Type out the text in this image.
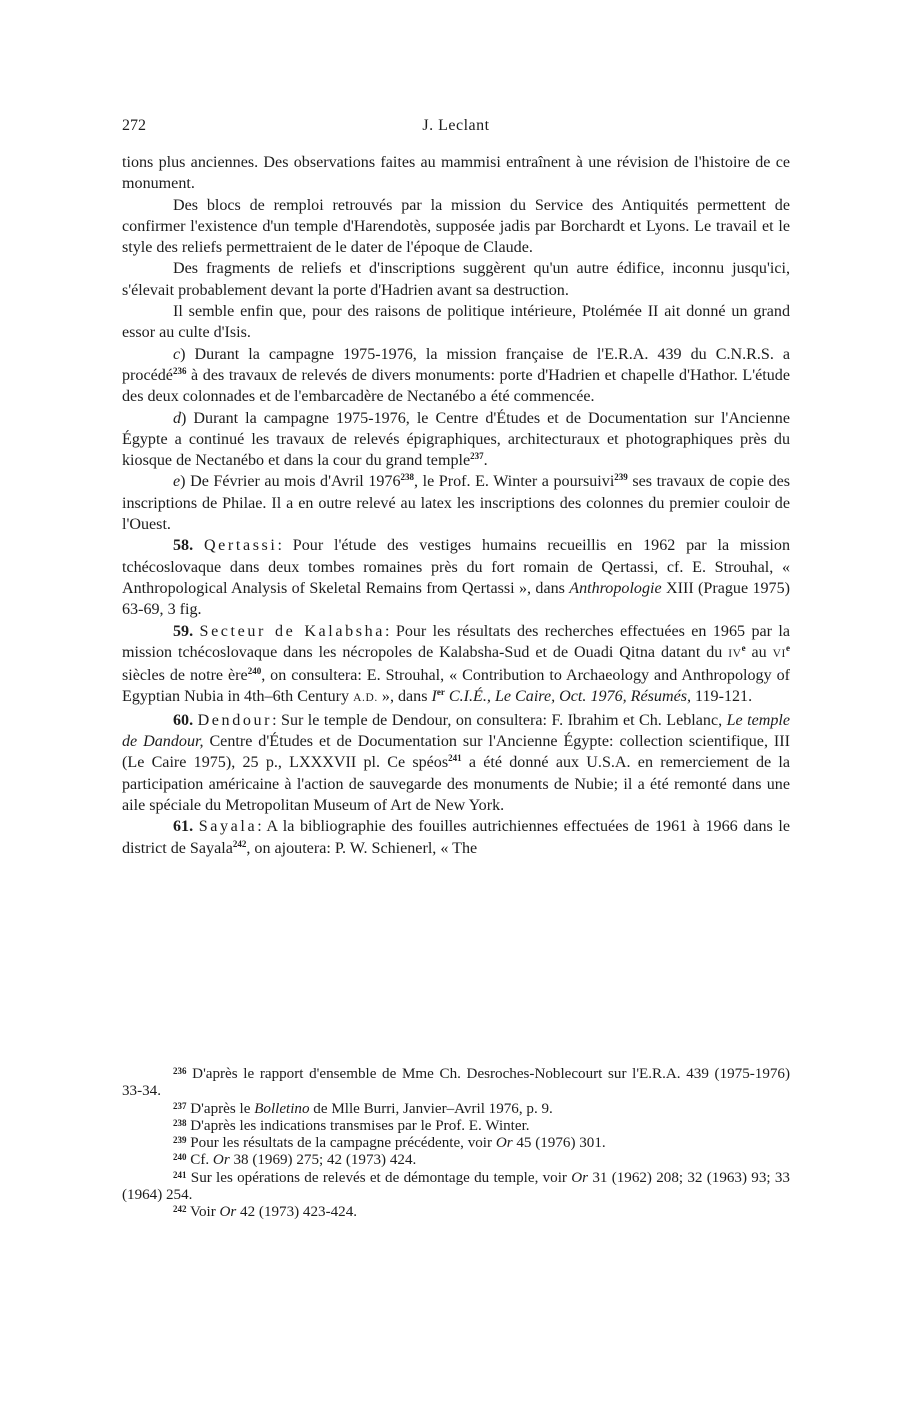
272	J. Leclant

tions plus anciennes. Des observations faites au mammisi entraînent à une révision de l'histoire de ce monument.

Des blocs de remploi retrouvés par la mission du Service des Antiquités permettent de confirmer l'existence d'un temple d'Harendotès, supposée jadis par Borchardt et Lyons. Le travail et le style des reliefs permettraient de le dater de l'époque de Claude.

Des fragments de reliefs et d'inscriptions suggèrent qu'un autre édifice, inconnu jusqu'ici, s'élevait probablement devant la porte d'Hadrien avant sa destruction.

Il semble enfin que, pour des raisons de politique intérieure, Ptolémée II ait donné un grand essor au culte d'Isis.

c) Durant la campagne 1975-1976, la mission française de l'E.R.A. 439 du C.N.R.S. a procédé$^{236}$ à des travaux de relevés de divers monuments: porte d'Hadrien et chapelle d'Hathor. L'étude des deux colonnades et de l'embarcadère de Nectanébo a été commencée.

d) Durant la campagne 1975-1976, le Centre d'Études et de Documentation sur l'Ancienne Égypte a continué les travaux de relevés épigraphiques, architecturaux et photographiques près du kiosque de Nectanébo et dans la cour du grand temple$^{237}$.

e) De Février au mois d'Avril 1976$^{238}$, le Prof. E. Winter a poursuivi$^{239}$ ses travaux de copie des inscriptions de Philae. Il a en outre relevé au latex les inscriptions des colonnes du premier couloir de l'Ouest.

58. Qertassi: Pour l'étude des vestiges humains recueillis en 1962 par la mission tchécoslovaque dans deux tombes romaines près du fort romain de Qertassi, cf. E. Strouhal, « Anthropological Analysis of Skeletal Remains from Qertassi », dans Anthropologie XIII (Prague 1975) 63-69, 3 fig.

59. Secteur de Kalabsha: Pour les résultats des recherches effectuées en 1965 par la mission tchécoslovaque dans les nécropoles de Kalabsha-Sud et de Ouadi Qitna datant du IVe au VIe siècles de notre ère$^{240}$, on consultera: E. Strouhal, « Contribution to Archaeology and Anthropology of Egyptian Nubia in 4th–6th Century A.D. », dans Ier C.I.É., Le Caire, Oct. 1976, Résumés, 119-121.

60. Dendour: Sur le temple de Dendour, on consultera: F. Ibrahim et Ch. Leblanc, Le temple de Dandour, Centre d'Études et de Documentation sur l'Ancienne Égypte: collection scientifique, III (Le Caire 1975), 25 p., LXXXVII pl. Ce spéos$^{241}$ a été donné aux U.S.A. en remerciement de la participation américaine à l'action de sauvegarde des monuments de Nubie; il a été remonté dans une aile spéciale du Metropolitan Museum of Art de New York.

61. Sayala: A la bibliographie des fouilles autrichiennes effectuées de 1961 à 1966 dans le district de Sayala$^{242}$, on ajoutera: P. W. Schienerl, « The

$^{236}$ D'après le rapport d'ensemble de Mme Ch. Desroches-Noblecourt sur l'E.R.A. 439 (1975-1976) 33-34.

$^{237}$ D'après le Bolletino de Mlle Burri, Janvier–Avril 1976, p. 9.

$^{238}$ D'après les indications transmises par le Prof. E. Winter.

$^{239}$ Pour les résultats de la campagne précédente, voir Or 45 (1976) 301.

$^{240}$ Cf. Or 38 (1969) 275; 42 (1973) 424.

$^{241}$ Sur les opérations de relevés et de démontage du temple, voir Or 31 (1962) 208; 32 (1963) 93; 33 (1964) 254.

$^{242}$ Voir Or 42 (1973) 423-424.
